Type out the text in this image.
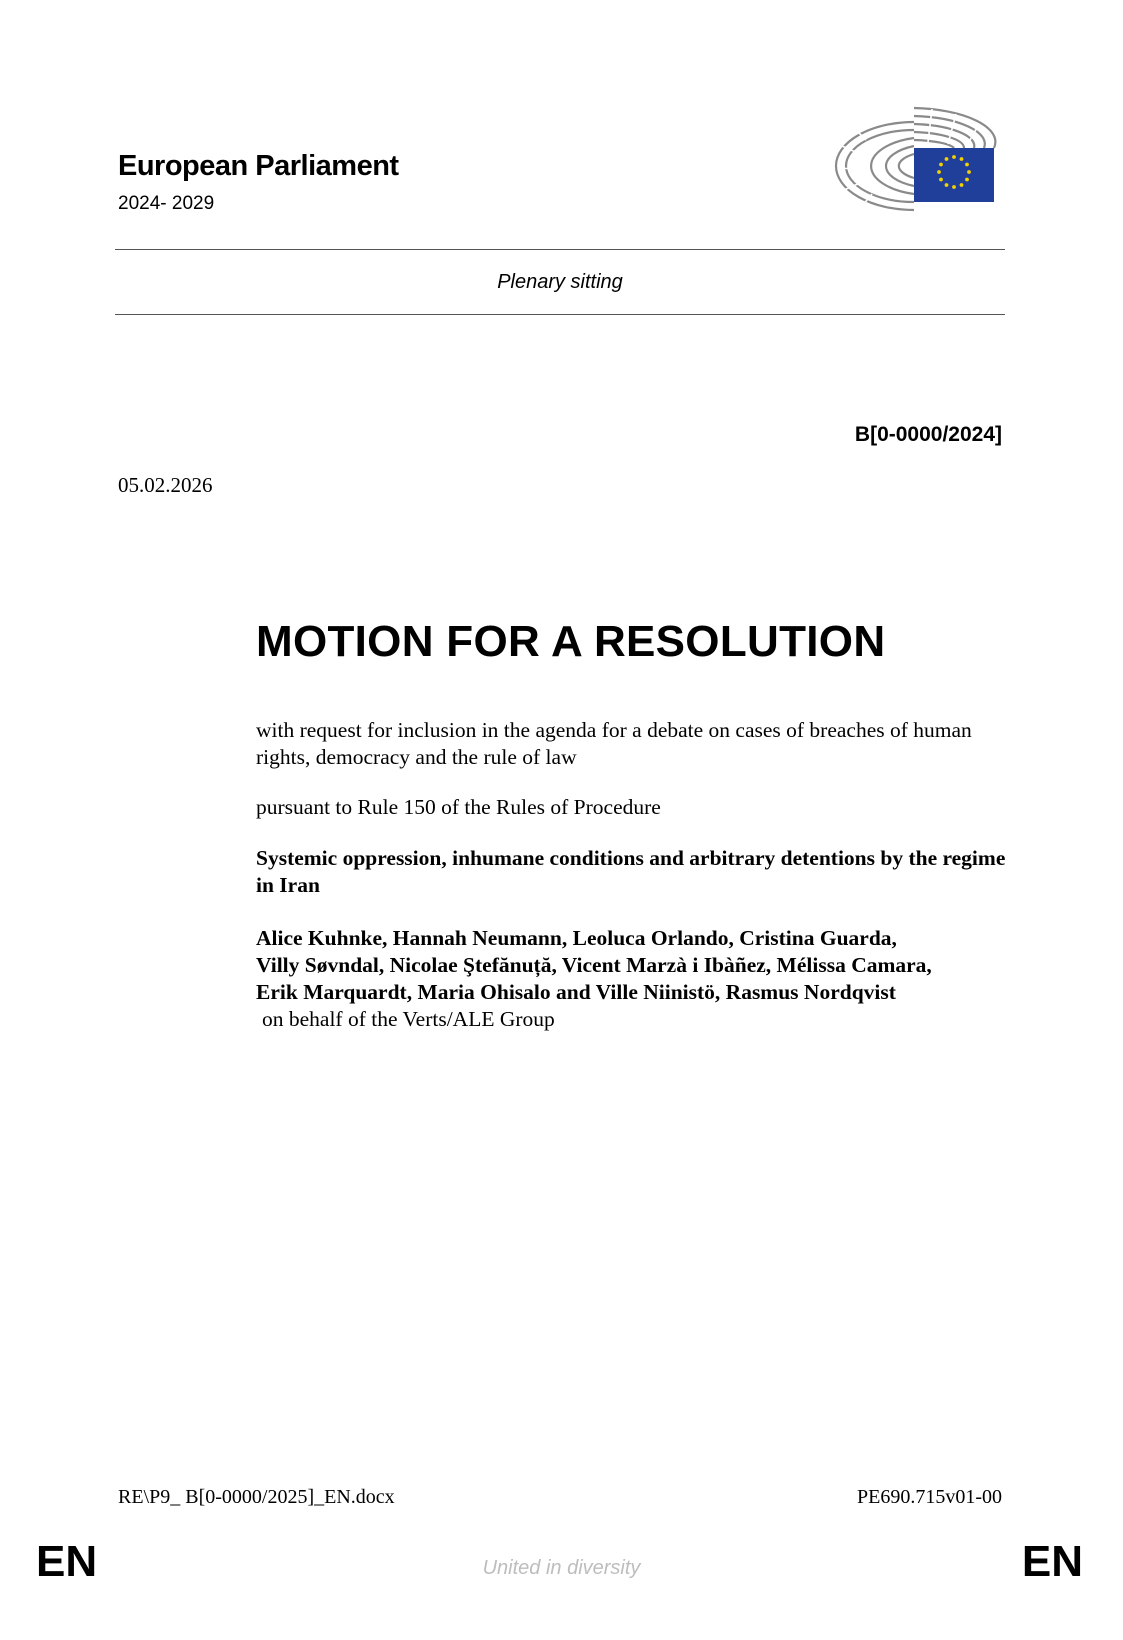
European Parliament
2024- 2029
Plenary sitting
B[0-0000/2024]
05.02.2026
MOTION FOR A RESOLUTION
with request for inclusion in the agenda for a debate on cases of breaches of human rights, democracy and the rule of law
pursuant to Rule 150 of the Rules of Procedure
Systemic oppression, inhumane conditions and arbitrary detentions by the regime in Iran
Alice Kuhnke, Hannah Neumann, Leoluca Orlando, Cristina Guarda,
Villy Søvndal, Nicolae Ştefănuță, Vicent Marzà i Ibàñez, Mélissa Camara,
Erik Marquardt, Maria Ohisalo and Ville Niinistö, Rasmus Nordqvist
on behalf of the Verts/ALE Group
RE\P9_ B[0-0000/2025]_EN.docx	PE690.715v01-00
EN	United in diversity	EN
